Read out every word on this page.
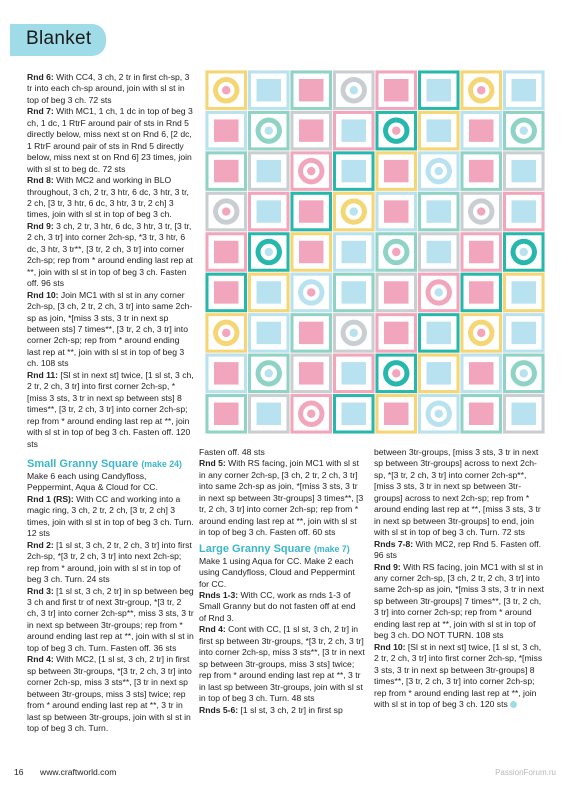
Blanket

Rnd 6: With CC4, 3 ch, 2 tr in first ch-sp, 3 tr into each ch-sp around, join with sl st in top of beg 3 ch. 72 sts

Rnd 7: With MC1, 1 ch, 1 dc in top of beg 3 ch, 1 dc, 1 RtrF around pair of sts in Rnd 5 directly below, miss next st on Rnd 6, [2 dc, 1 RtrF around pair of sts in Rnd 5 directly below, miss next st on Rnd 6] 23 times, join with sl st to beg dc. 72 sts

Rnd 8: With MC2 and working in BLO throughout, 3 ch, 2 tr, 3 htr, 6 dc, 3 htr, 3 tr, 2 ch, [3 tr, 3 htr, 6 dc, 3 htr, 3 tr, 2 ch] 3 times, join with sl st in top of beg 3 ch.

Rnd 9: 3 ch, 2 tr, 3 htr, 6 dc, 3 htr, 3 tr, [3 tr, 2 ch, 3 tr] into corner 2ch-sp, *3 tr, 3 htr, 6 dc, 3 htr, 3 tr**, [3 tr, 2 ch, 3 tr] into corner 2ch-sp; rep from * around ending last rep at **, join with sl st in top of beg 3 ch. Fasten off. 96 sts

Rnd 10: Join MC1 with sl st in any corner 2ch-sp, [3 ch, 2 tr, 2 ch, 3 tr] into same 2ch-sp as join, *[miss 3 sts, 3 tr in next sp between sts] 7 times**, [3 tr, 2 ch, 3 tr] into corner 2ch-sp; rep from * around ending last rep at **, join with sl st in top of beg 3 ch. 108 sts

Rnd 11: [Sl st in next st] twice, [1 sl st, 3 ch, 2 tr, 2 ch, 3 tr] into first corner 2ch-sp, *[miss 3 sts, 3 tr in next sp between sts] 8 times**, [3 tr, 2 ch, 3 tr] into corner 2ch-sp; rep from * around ending last rep at **, join with sl st in top of beg 3 ch. Fasten off. 120 sts

Small Granny Square (make 24)

Make 6 each using Candyfloss, Peppermint, Aqua & Cloud for CC.

Rnd 1 (RS): With CC and working into a magic ring, 3 ch, 2 tr, 2 ch, [3 tr, 2 ch] 3 times, join with sl st in top of beg 3 ch. Turn. 12 sts

Rnd 2: [1 sl st, 3 ch, 2 tr, 2 ch, 3 tr] into first 2ch-sp, *[3 tr, 2 ch, 3 tr] into next 2ch-sp; rep from * around, join with sl st in top of beg 3 ch. Turn. 24 sts

Rnd 3: [1 sl st, 3 ch, 2 tr] in sp between beg 3 ch and first tr of next 3tr-group, *[3 tr, 2 ch, 3 tr] into corner 2ch-sp**, miss 3 sts, 3 tr in next sp between 3tr-groups; rep from * around ending last rep at **, join with sl st in top of beg 3 ch. Turn. Fasten off. 36 sts

Rnd 4: With MC2, [1 sl st, 3 ch, 2 tr] in first sp between 3tr-groups, *[3 tr, 2 ch, 3 tr] into corner 2ch-sp, miss 3 sts**, [3 tr in next sp between 3tr-groups, miss 3 sts] twice; rep from * around ending last rep at **, 3 tr in last sp between 3tr-groups, join with sl st in top of beg 3 ch. Turn.

Fasten off. 48 sts

Rnd 5: With RS facing, join MC1 with sl st in any corner 2ch-sp, [3 ch, 2 tr, 2 ch, 3 tr] into same 2ch-sp as join, *[miss 3 sts, 3 tr in next sp between 3tr-groups] 3 times**, [3 tr, 2 ch, 3 tr] into corner 2ch-sp; rep from * around ending last rep at **, join with sl st in top of beg 3 ch. Fasten off. 60 sts

Large Granny Square (make 7)

Make 1 using Aqua for CC. Make 2 each using Candyfloss, Cloud and Peppermint for CC.

Rnds 1-3: With CC, work as rnds 1-3 of Small Granny but do not fasten off at end of Rnd 3.

Rnd 4: Cont with CC, [1 sl st, 3 ch, 2 tr] in first sp between 3tr-groups, *[3 tr, 2 ch, 3 tr] into corner 2ch-sp, miss 3 sts**, [3 tr in next sp between 3tr-groups, miss 3 sts] twice; rep from * around ending last rep at **, 3 tr in last sp between 3tr-groups, join with sl st in top of beg 3 ch. Turn. 48 sts

Rnds 5-6: [1 sl st, 3 ch, 2 tr] in first sp

between 3tr-groups, [miss 3 sts, 3 tr in next sp between 3tr-groups] across to next 2ch-sp, *[3 tr, 2 ch, 3 tr] into corner 2ch-sp**, [miss 3 sts, 3 tr in next sp between 3tr-groups] across to next 2ch-sp; rep from * around ending last rep at **, [miss 3 sts, 3 tr in next sp between 3tr-groups] to end, join with sl st in top of beg 3 ch. Turn. 72 sts

Rnds 7-8: With MC2, rep Rnd 5. Fasten off. 96 sts

Rnd 9: With RS facing, join MC1 with sl st in any corner 2ch-sp, [3 ch, 2 tr, 2 ch, 3 tr] into same 2ch-sp as join, *[miss 3 sts, 3 tr in next sp between 3tr-groups] 7 times**, [3 tr, 2 ch, 3 tr] into corner 2ch-sp; rep from * around ending last rep at **, join with sl st in top of beg 3 ch. DO NOT TURN. 108 sts

Rnd 10: [Sl st in next st] twice, [1 sl st, 3 ch, 2 tr, 2 ch, 3 tr] into first corner 2ch-sp, *[miss 3 sts, 3 tr in next sp between 3tr-groups] 8 times**, [3 tr, 2 ch, 3 tr] into corner 2ch-sp; rep from * around ending last rep at **, join with sl st in top of beg 3 ch. 120 sts

16 www.craftworld.com	PassionForum.ru
